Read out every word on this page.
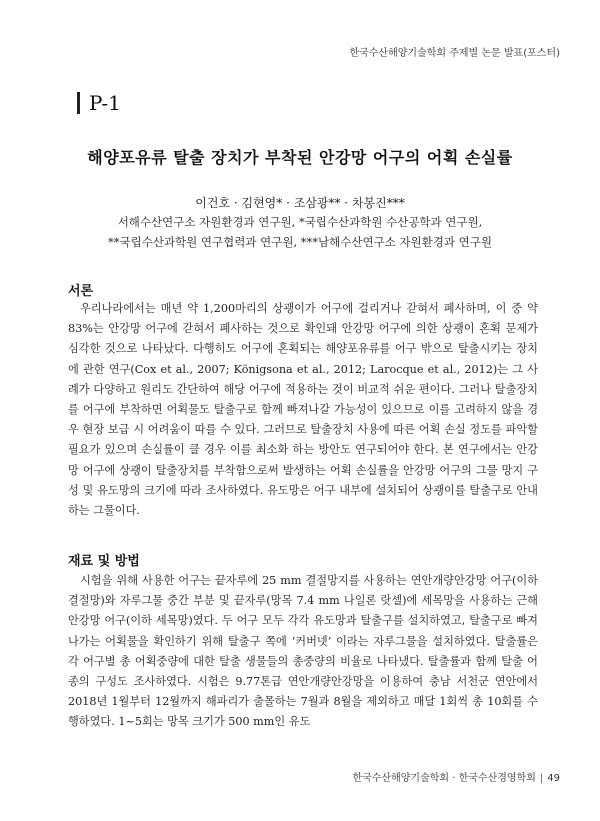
한국수산해양기술학회 주제별 논문 발표(포스터)
P-1
해양포유류 탈출 장치가 부착된 안강망 어구의 어획 손실률
이건호 · 김현영* · 조삼광** · 차봉진***
서해수산연구소 자원환경과 연구원, *국립수산과학원 수산공학과 연구원,
**국립수산과학원 연구협력과 연구원, ***남해수산연구소 자원환경과 연구원
서론

우리나라에서는 매년 약 1,200마리의 상괭이가 어구에 걸리거나 갇혀서 폐사하며, 이 중 약 83%는 안강망 어구에 갇혀서 폐사하는 것으로 확인돼 안강망 어구에 의한 상괭이 혼획 문제가 심각한 것으로 나타났다. 다행히도 어구에 혼획되는 해양포유류를 어구 밖으로 탈출시키는 장치에 관한 연구(Cox et al., 2007; Königsona et al., 2012; Larocque et al., 2012)는 그 사례가 다양하고 원리도 간단하여 해당 어구에 적용하는 것이 비교적 쉬운 편이다. 그러나 탈출장치를 어구에 부착하면 어획물도 탈출구로 함께 빠져나갈 가능성이 있으므로 이를 고려하지 않을 경우 현장 보급 시 어려움이 따를 수 있다. 그러므로 탈출장치 사용에 따른 어획 손실 정도를 파악할 필요가 있으며 손실률이 클 경우 이를 최소화 하는 방안도 연구되어야 한다. 본 연구에서는 안강망 어구에 상괭이 탈출장치를 부착함으로써 발생하는 어획 손실률을 안강망 어구의 그물 망지 구성 및 유도망의 크기에 따라 조사하였다. 유도망은 어구 내부에 설치되어 상괭이를 탈출구로 안내하는 그물이다.

재료 및 방법

시험을 위해 사용한 어구는 끝자루에 25 mm 결절망지를 사용하는 연안개량안강망 어구(이하 결절망)와 자루그물 중간 부분 및 끝자루(망목 7.4 mm 나일론 랏셀)에 세목망을 사용하는 근해안강망 어구(이하 세목망)였다. 두 어구 모두 각각 유도망과 탈출구를 설치하였고, 탈출구로 빠져나가는 어획물을 확인하기 위해 탈출구 쪽에 ‘커버넷’ 이라는 자루그물을 설치하였다. 탈출률은 각 어구별 총 어획중량에 대한 탈출 생물들의 총중량의 비율로 나타냈다. 탈출률과 함께 탈출 어종의 구성도 조사하였다. 시험은 9.77톤급 연안개량안강망을 이용하여 충남 서천군 연안에서 2018년 1월부터 12월까지 해파리가 출몰하는 7월과 8월을 제외하고 매달 1회씩 총 10회를 수행하였다. 1~5회는 망목 크기가 500 mm인 유도

한국수산해양기술학회 · 한국수산경영학회 | 49
